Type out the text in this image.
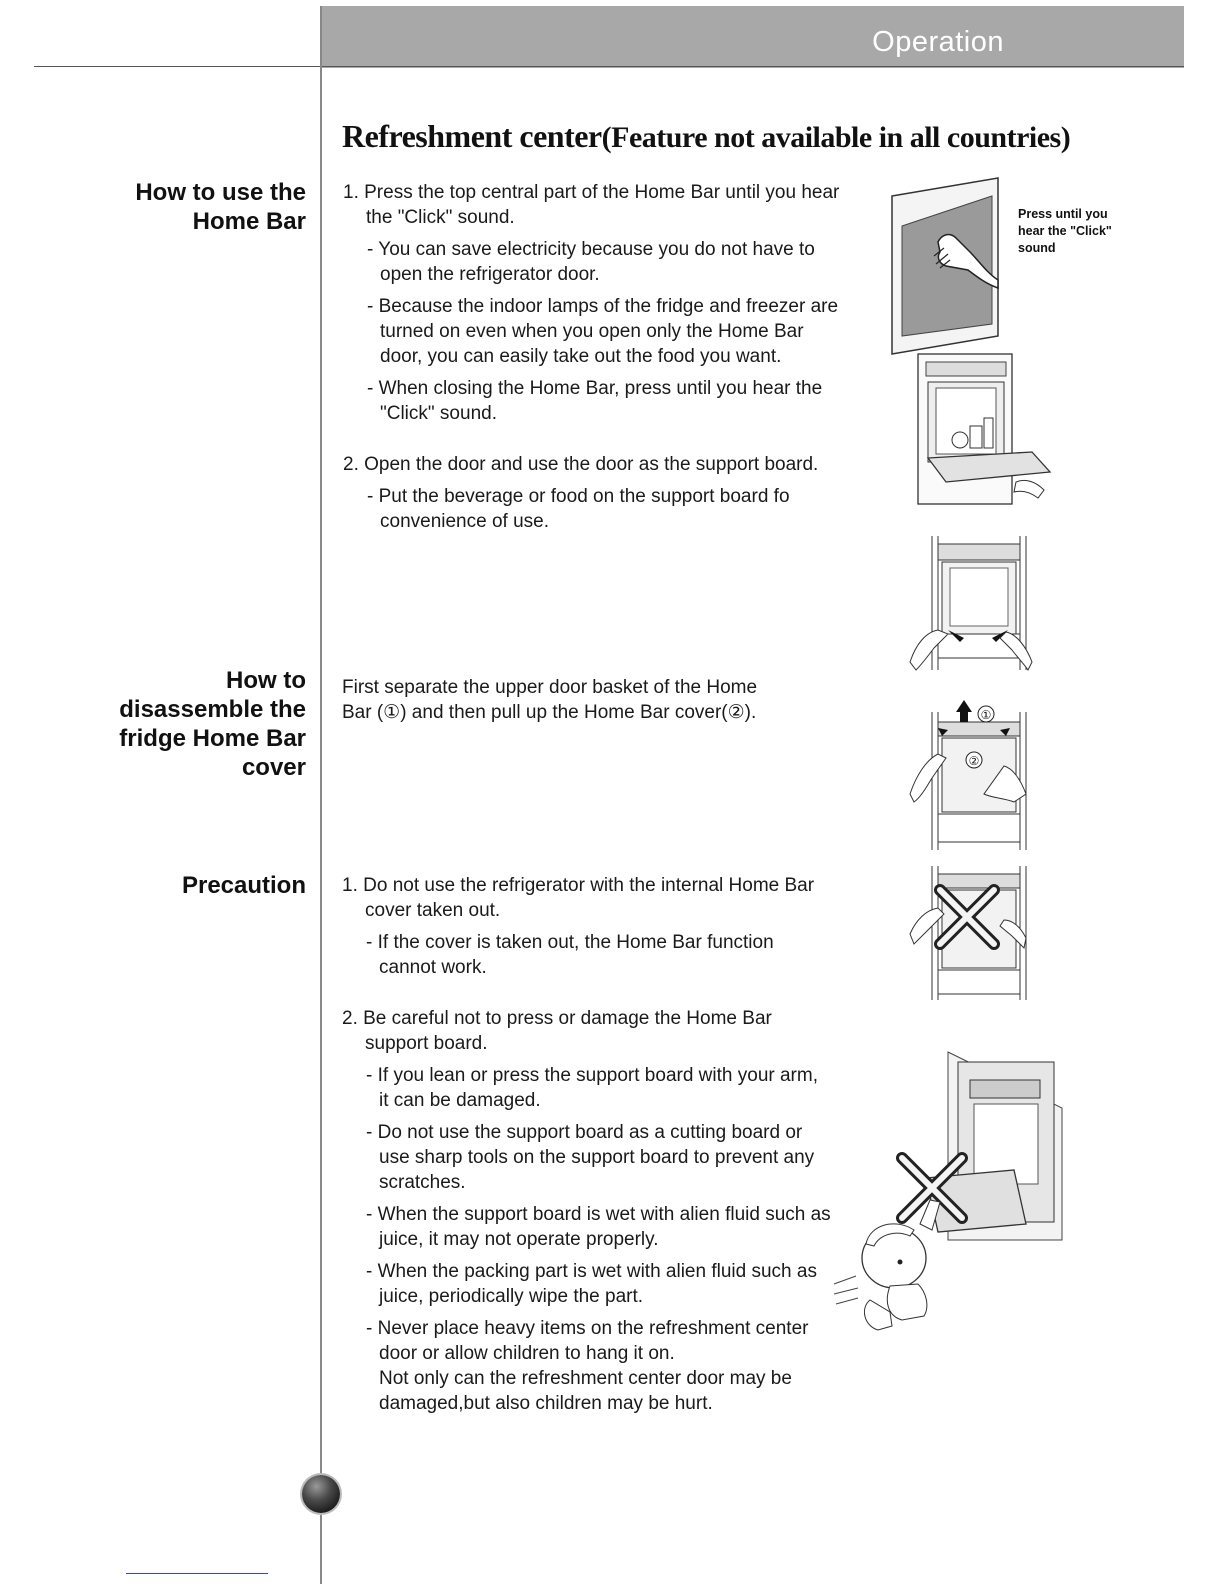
Operation
Refreshment center(Feature not available in all countries)
How to use the
Home Bar
How to
disassemble the
fridge Home Bar
cover
Precaution

1. Press the top central part of the Home Bar until you hear the "Click" sound.

- You can save electricity because you do not have to open the refrigerator door.

- Because the indoor lamps of the fridge and freezer are turned on even when you open only the Home Bar door, you can easily take out the food you want.

- When closing the Home Bar, press until you hear the "Click" sound.

2. Open the door and use the door as the support board.

- Put the beverage or food on the support board fo convenience of use.

First separate the upper door basket of the Home Bar (①) and then pull up the Home Bar cover(②).

1. Do not use the refrigerator with the internal Home Bar cover taken out.

- If the cover is taken out, the Home Bar function cannot work.

2. Be careful not to press or damage the Home Bar support board.

- If you lean or press the support board with your arm, it can be damaged.

- Do not use the support board as a cutting board or use sharp tools on the support board to prevent any scratches.

- When the support board is wet with alien fluid such as juice, it may not operate properly.

- When the packing part is wet with alien fluid such as juice, periodically wipe the part.

- Never place heavy items on the refreshment center door or allow children to hang it on.

Not only can the refreshment center door may be damaged,but also children may be hurt.

Press until you hear the "Click" sound
①
②
